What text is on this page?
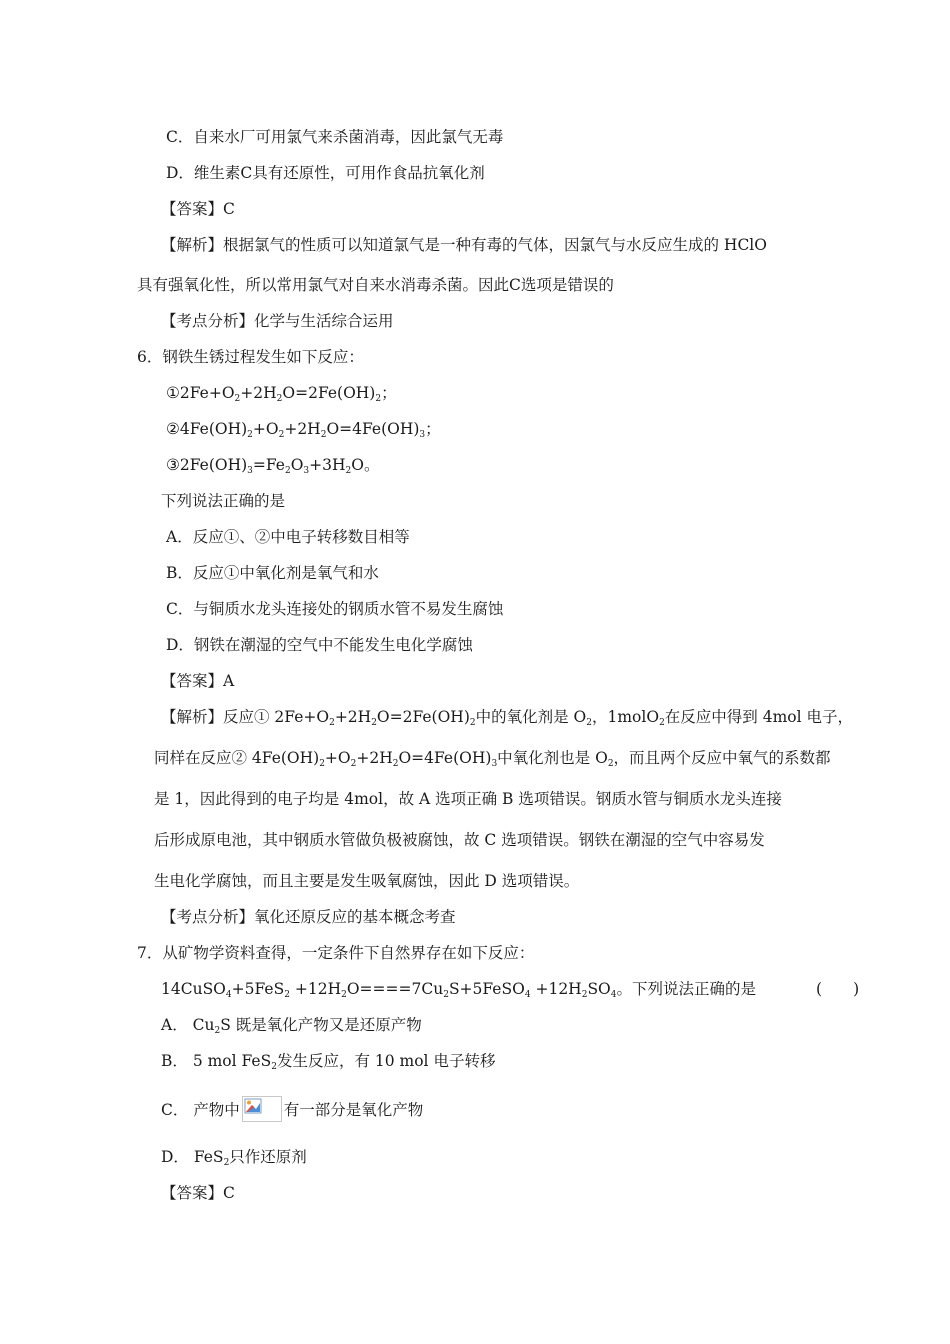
C．自来水厂可用氯气来杀菌消毒，因此氯气无毒
D．维生素C具有还原性，可用作食品抗氧化剂
【答案】C
【解析】根据氯气的性质可以知道氯气是一种有毒的气体，因氯气与水反应生成的 HClO
具有强氧化性，所以常用氯气对自来水消毒杀菌。因此C选项是错误的
【考点分析】化学与生活综合运用
6．钢铁生锈过程发生如下反应：
$①2Fe+O_2+2H_2O=2Fe(OH)_2$；
$②4Fe(OH)_2+O_2+2H_2O=4Fe(OH)_3$；
$③2Fe(OH)_3=Fe_2O_3+3H_2O$。
下列说法正确的是
A．反应①、②中电子转移数目相等
B．反应①中氧化剂是氧气和水
C．与铜质水龙头连接处的钢质水管不易发生腐蚀
D．钢铁在潮湿的空气中不能发生电化学腐蚀
【答案】A
【解析】反应① $2Fe+O_2+2H_2O=2Fe(OH)_2$中的氧化剂是 $O_2$，1molO$_2$在反应中得到 4mol 电子，
同样在反应② $4Fe(OH)_2+O_2+2H_2O=4Fe(OH)_3$中氧化剂也是 $O_2$，而且两个反应中氧气的系数都
是 1，因此得到的电子均是 4mol，故 A 选项正确 B 选项错误。钢质水管与铜质水龙头连接
后形成原电池，其中钢质水管做负极被腐蚀，故 C 选项错误。钢铁在潮湿的空气中容易发
生电化学腐蚀，而且主要是发生吸氧腐蚀，因此 D 选项错误。
【考点分析】氧化还原反应的基本概念考查
7．从矿物学资料查得，一定条件下自然界存在如下反应：
14CuSO$_4$+5FeS$_2$ $+12H_2O====7Cu_2S+5FeSO_4 +12H_2SO_4$。下列说法正确的是	(　　)
A． $Cu_2S$ 既是氧化产物又是还原产物
B． 5 mol FeS$_2$发生反应，有 10 mol 电子转移
C． 产物中	有一部分是氧化产物
D． FeS$_2$只作还原剂
【答案】C
